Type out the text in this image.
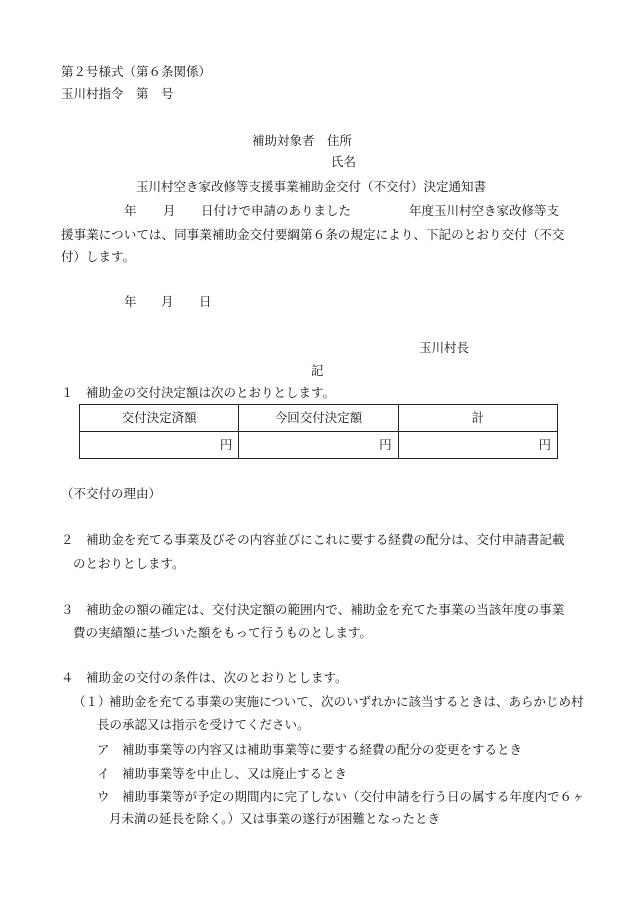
第２号様式（第６条関係）
玉川村指令　第　号
補助対象者　住所
氏名
玉川村空き家改修等支援事業補助金交付（不交付）決定通知書
年 月 日付けで申請のありました	年度玉川村空き家改修等支
援事業については、同事業補助金交付要綱第６条の規定により、下記のとおり交付（不交
付）します。
年 月 日
玉川村長
記
１ 補助金の交付決定額は次のとおりとします。
交付決定済額	今回交付決定額	計
円	円	円
（不交付の理由）
２ 補助金を充てる事業及びその内容並びにこれに要する経費の配分は、交付申請書記載
のとおりとします。
３ 補助金の額の確定は、交付決定額の範囲内で、補助金を充てた事業の当該年度の事業
費の実績額に基づいた額をもって行うものとします。
４ 補助金の交付の条件は、次のとおりとします。
（１）
補助金を充てる事業の実施について、次のいずれかに該当するときは、あらかじめ村
長の承認又は指示を受けてください。
ア 補助事業等の内容又は補助事業等に要する経費の配分の変更をするとき
イ 補助事業等を中止し、又は廃止するとき
ウ 補助事業等が予定の期間内に完了しない（交付申請を行う日の属する年度内で６ヶ
月未満の延長を除く。）又は事業の遂行が困難となったとき
